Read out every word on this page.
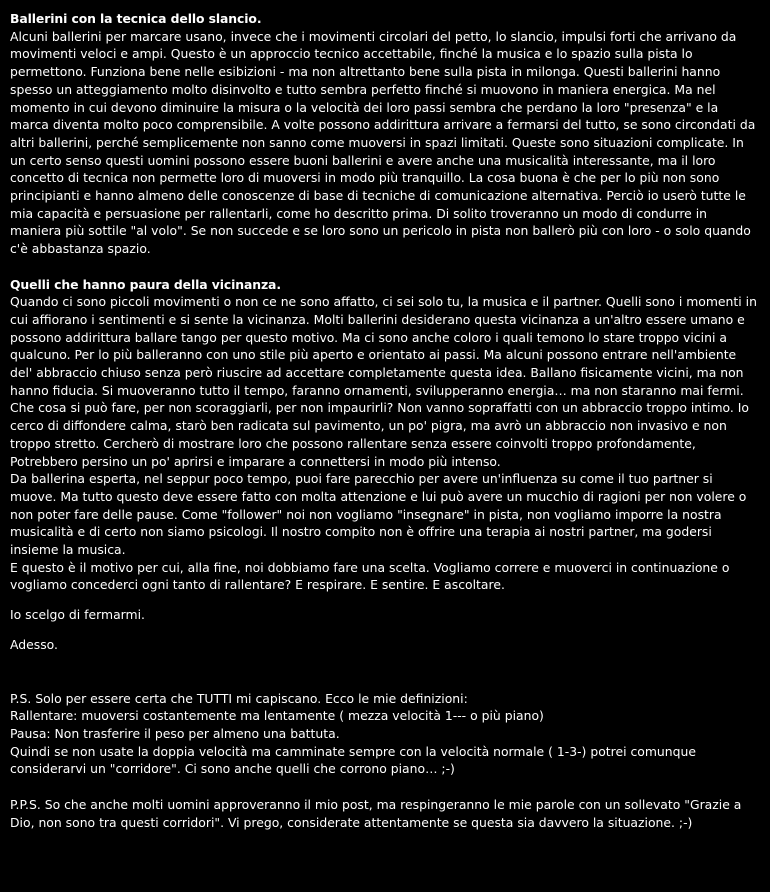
Ballerini con la tecnica dello slancio.

Alcuni ballerini per marcare usano, invece che i movimenti circolari del petto, lo slancio, impulsi forti che arrivano da movimenti veloci e ampi. Questo è un approccio tecnico accettabile, finché la musica e lo spazio sulla pista lo permettono. Funziona bene nelle esibizioni - ma non altrettanto bene sulla pista in milonga. Questi ballerini hanno spesso un atteggiamento molto disinvolto e tutto sembra perfetto finché si muovono in maniera energica. Ma nel momento in cui devono diminuire la misura o la velocità dei loro passi sembra che perdano la loro "presenza" e la marca diventa molto poco comprensibile. A volte possono addirittura arrivare a fermarsi del tutto, se sono circondati da altri ballerini, perché semplicemente non sanno come muoversi in spazi limitati. Queste sono situazioni complicate. In un certo senso questi uomini possono essere buoni ballerini e avere anche una musicalità interessante, ma il loro concetto di tecnica non permette loro di muoversi in modo più tranquillo. La cosa buona è che per lo più non sono principianti e hanno almeno delle conoscenze di base di tecniche di comunicazione alternativa. Perciò io userò tutte le mia capacità e persuasione per rallentarli, come ho descritto prima. Di solito troveranno un modo di condurre in maniera più sottile "al volo". Se non succede e se loro sono un pericolo in pista non ballerò più con loro - o solo quando c'è abbastanza spazio.

Quelli che hanno paura della vicinanza.

Quando ci sono piccoli movimenti o non ce ne sono affatto, ci sei solo tu, la musica e il partner. Quelli sono i momenti in cui affiorano i sentimenti e si sente la vicinanza. Molti ballerini desiderano questa vicinanza a un'altro essere umano e possono addirittura ballare tango per questo motivo. Ma ci sono anche coloro i quali temono lo stare troppo vicini a qualcuno. Per lo più balleranno con uno stile più aperto e orientato ai passi. Ma alcuni possono entrare nell'ambiente del' abbraccio chiuso senza però riuscire ad accettare completamente questa idea. Ballano fisicamente vicini, ma non hanno fiducia. Si muoveranno tutto il tempo, faranno ornamenti, svilupperanno energia… ma non staranno mai fermi. Che cosa si può fare, per non scoraggiarli, per non impaurirli? Non vanno sopraffatti con un abbraccio troppo intimo. Io cerco di diffondere calma, starò ben radicata sul pavimento, un po' pigra, ma avrò un abbraccio non invasivo e non troppo stretto. Cercherò di mostrare loro che possono rallentare senza essere coinvolti troppo profondamente, Potrebbero persino un po' aprirsi e imparare a connettersi in modo più intenso.

Da ballerina esperta, nel seppur poco tempo, puoi fare parecchio per avere un'influenza su come il tuo partner si muove. Ma tutto questo deve essere fatto con molta attenzione e lui può avere un mucchio di ragioni per non volere o non poter fare delle pause. Come "follower" noi non vogliamo "insegnare" in pista, non vogliamo imporre la nostra musicalità e di certo non siamo psicologi. Il nostro compito non è offrire una terapia ai nostri partner, ma godersi insieme la musica.

E questo è il motivo per cui, alla fine, noi dobbiamo fare una scelta. Vogliamo correre e muoverci in continuazione o vogliamo concederci ogni tanto di rallentare? E respirare. E sentire. E ascoltare.

Io scelgo di fermarmi.

Adesso.

P.S. Solo per essere certa che TUTTI mi capiscano. Ecco le mie definizioni:

Rallentare: muoversi costantemente ma lentamente ( mezza velocità 1--- o più piano)

Pausa: Non trasferire il peso per almeno una battuta.

Quindi se non usate la doppia velocità ma camminate sempre con la velocità normale ( 1-3-) potrei comunque considerarvi un "corridore". Ci sono anche quelli che corrono piano… ;-)

P.P.S. So che anche molti uomini approveranno il mio post, ma respingeranno le mie parole con un sollevato "Grazie a Dio, non sono tra questi corridori". Vi prego, considerate attentamente se questa sia davvero la situazione. ;-)
